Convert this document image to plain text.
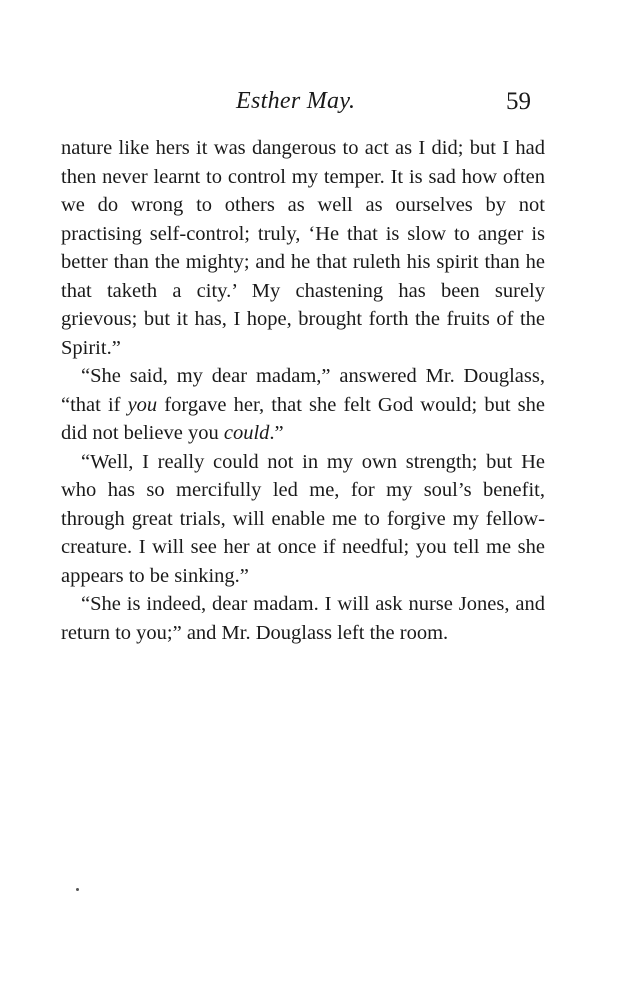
Esther May.	59

nature like hers it was dangerous to act as I did; but I had then never learnt to control my temper. It is sad how often we do wrong to others as well as ourselves by not practising self-control; truly, ‘He that is slow to anger is better than the mighty; and he that ruleth his spirit than he that taketh a city.’ My chastening has been surely grievous; but it has, I hope, brought forth the fruits of the Spirit.”

“She said, my dear madam,” answered Mr. Douglass, “that if you forgave her, that she felt God would; but she did not believe you could.”

“Well, I really could not in my own strength; but He who has so mercifully led me, for my soul’s benefit, through great trials, will enable me to forgive my fellow-creature. I will see her at once if needful; you tell me she appears to be sinking.”

“She is indeed, dear madam. I will ask nurse Jones, and return to you;” and Mr. Douglass left the room.
